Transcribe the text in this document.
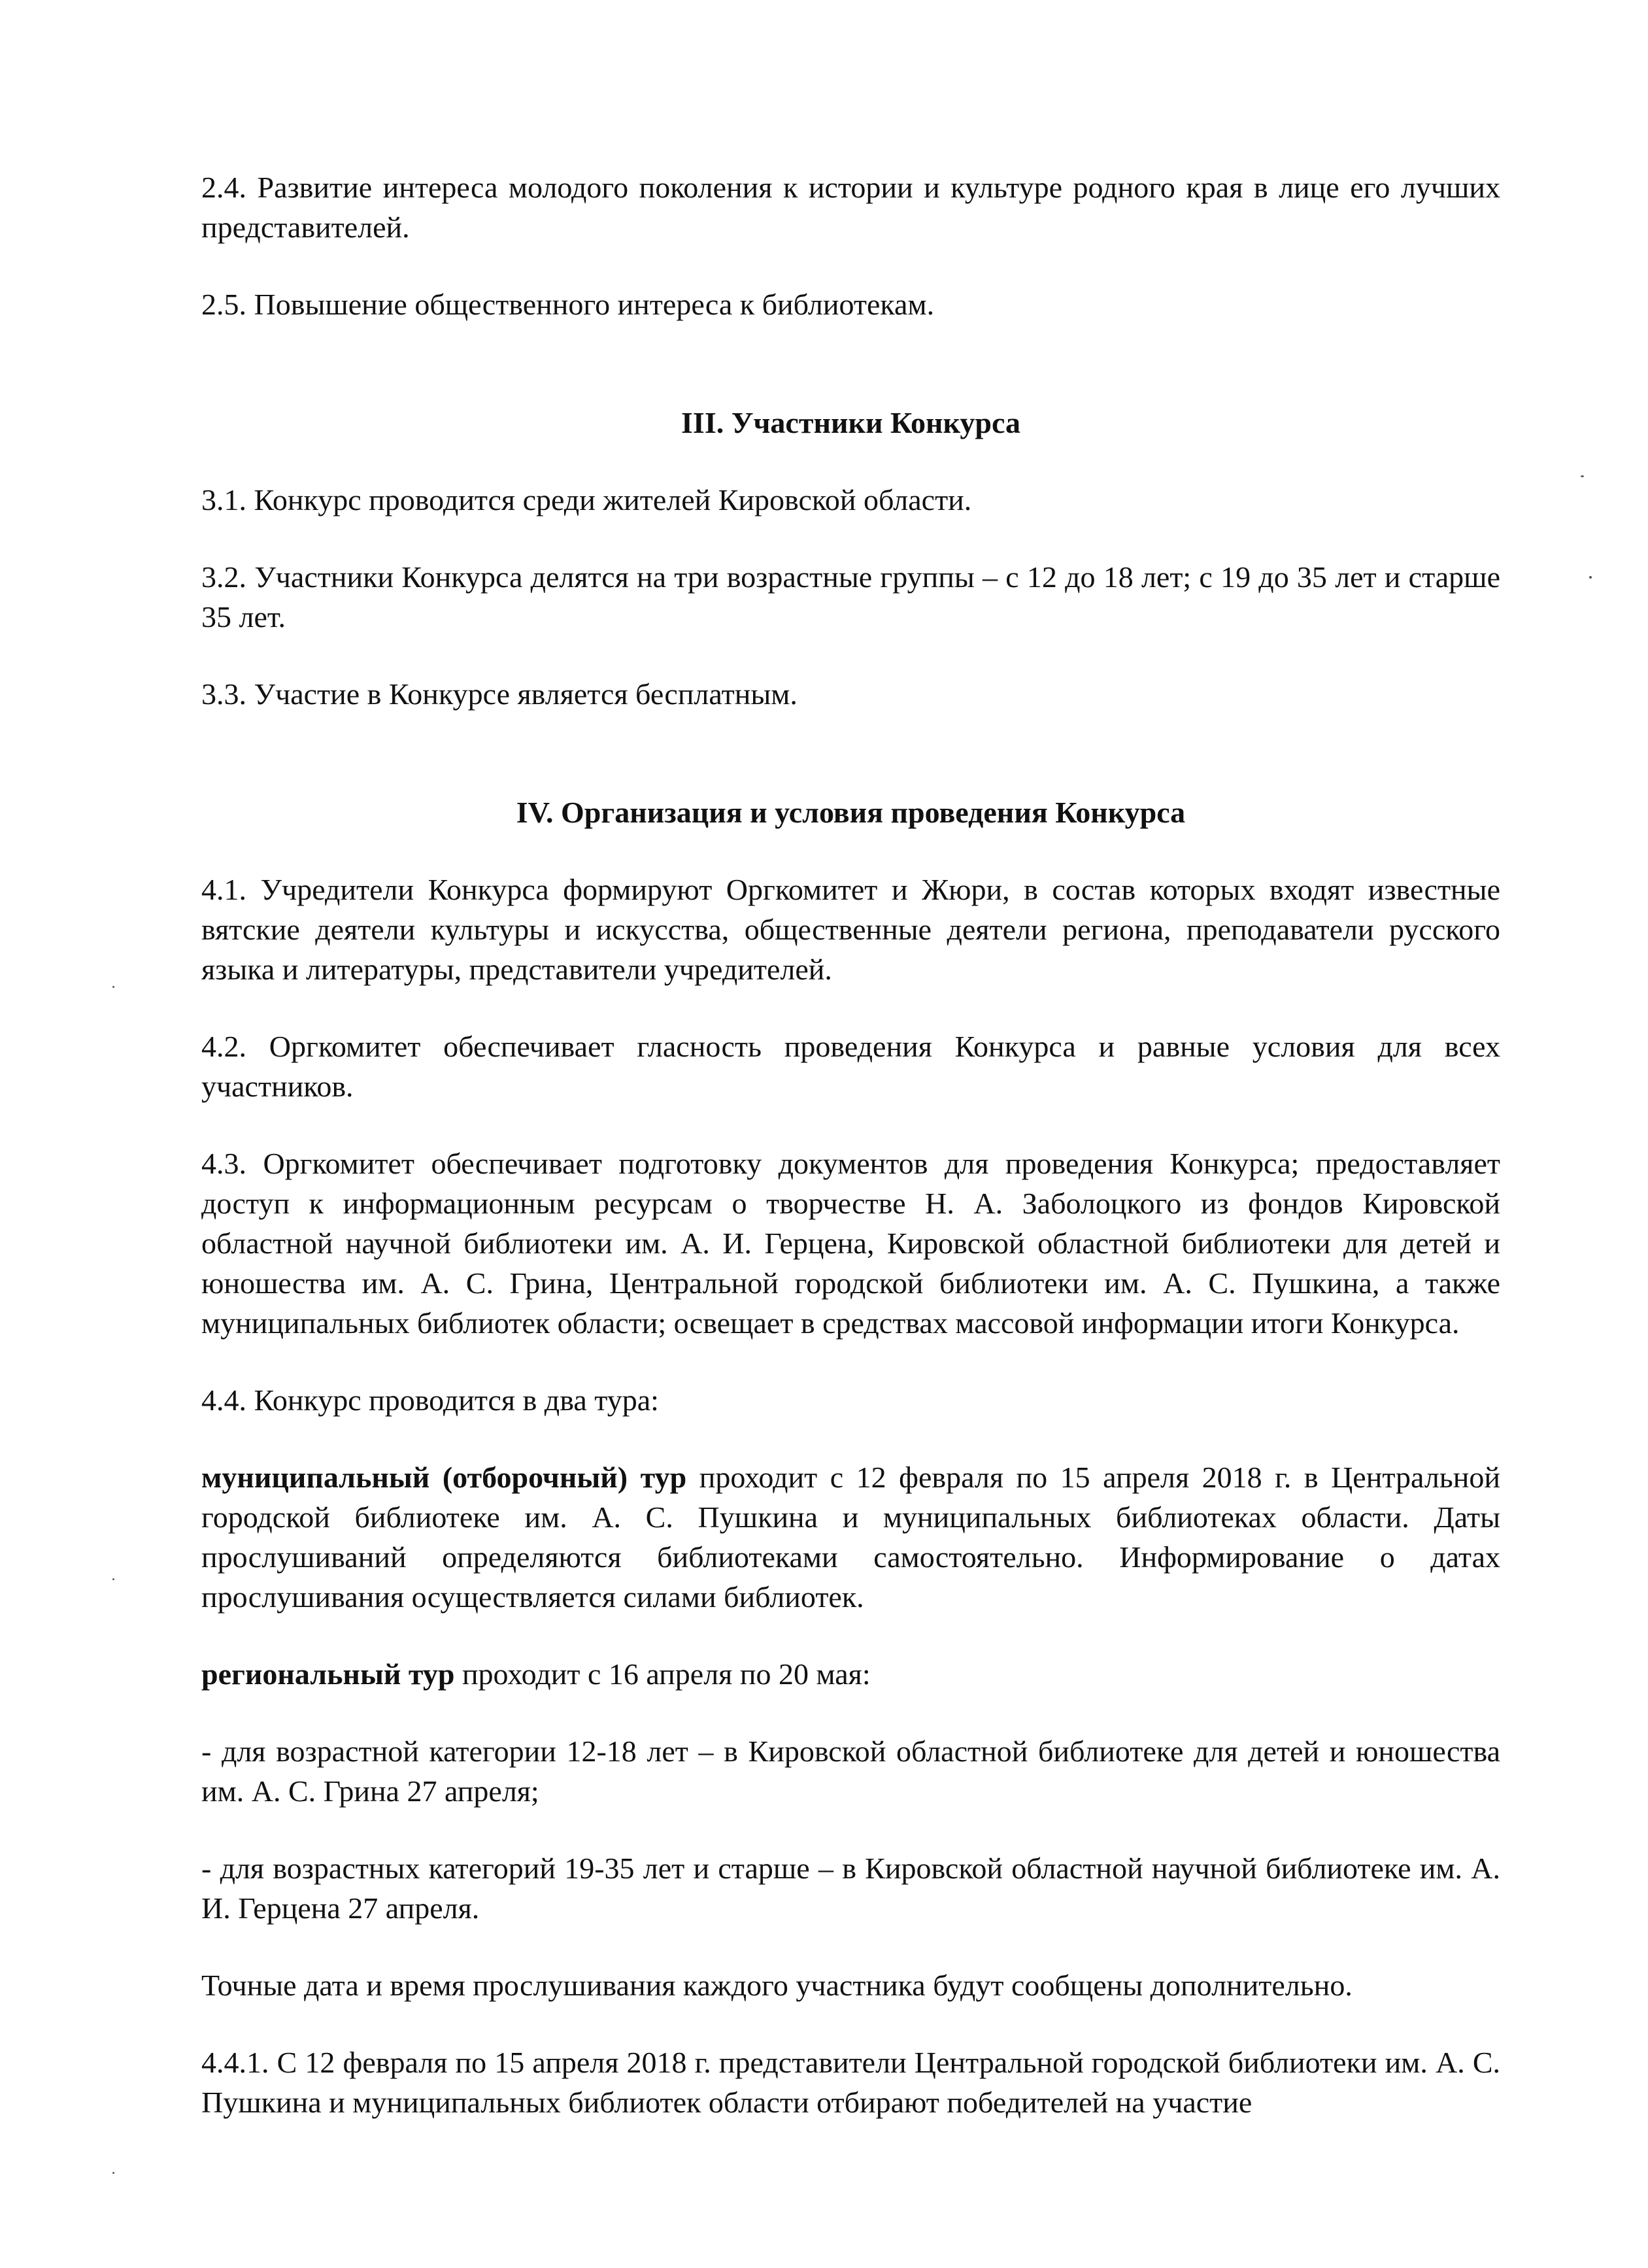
2.4. Развитие интереса молодого поколения к истории и культуре родного края в лице его лучших представителей.

2.5. Повышение общественного интереса к библиотекам.

III. Участники Конкурса

3.1. Конкурс проводится среди жителей Кировской области.

3.2. Участники Конкурса делятся на три возрастные группы – с 12 до 18 лет; с 19 до 35 лет и старше 35 лет.

3.3. Участие в Конкурсе является бесплатным.

IV. Организация и условия проведения Конкурса

4.1. Учредители Конкурса формируют Оргкомитет и Жюри, в состав которых входят известные вятские деятели культуры и искусства, общественные деятели региона, преподаватели русского языка и литературы, представители учредителей.

4.2. Оргкомитет обеспечивает гласность проведения Конкурса и равные условия для всех участников.

4.3. Оргкомитет обеспечивает подготовку документов для проведения Конкурса; предоставляет доступ к информационным ресурсам о творчестве Н. А. Заболоцкого из фондов Кировской областной научной библиотеки им. А. И. Герцена, Кировской областной библиотеки для детей и юношества им. А. С. Грина, Центральной городской библиотеки им. А. С. Пушкина, а также муниципальных библиотек области; освещает в средствах массовой информации итоги Конкурса.

4.4. Конкурс проводится в два тура:

муниципальный (отборочный) тур проходит с 12 февраля по 15 апреля 2018 г. в Центральной городской библиотеке им. А. С. Пушкина и муниципальных библиотеках области. Даты прослушиваний определяются библиотеками самостоятельно. Информирование о датах прослушивания осуществляется силами библиотек.

региональный тур проходит с 16 апреля по 20 мая:

- для возрастной категории 12-18 лет – в Кировской областной библиотеке для детей и юношества им. А. С. Грина 27 апреля;

- для возрастных категорий 19-35 лет и старше – в Кировской областной научной библиотеке им. А. И. Герцена 27 апреля.

Точные дата и время прослушивания каждого участника будут сообщены дополнительно.

4.4.1. С 12 февраля по 15 апреля 2018 г. представители Центральной городской библиотеки им. А. С. Пушкина и муниципальных библиотек области отбирают победителей на участие
